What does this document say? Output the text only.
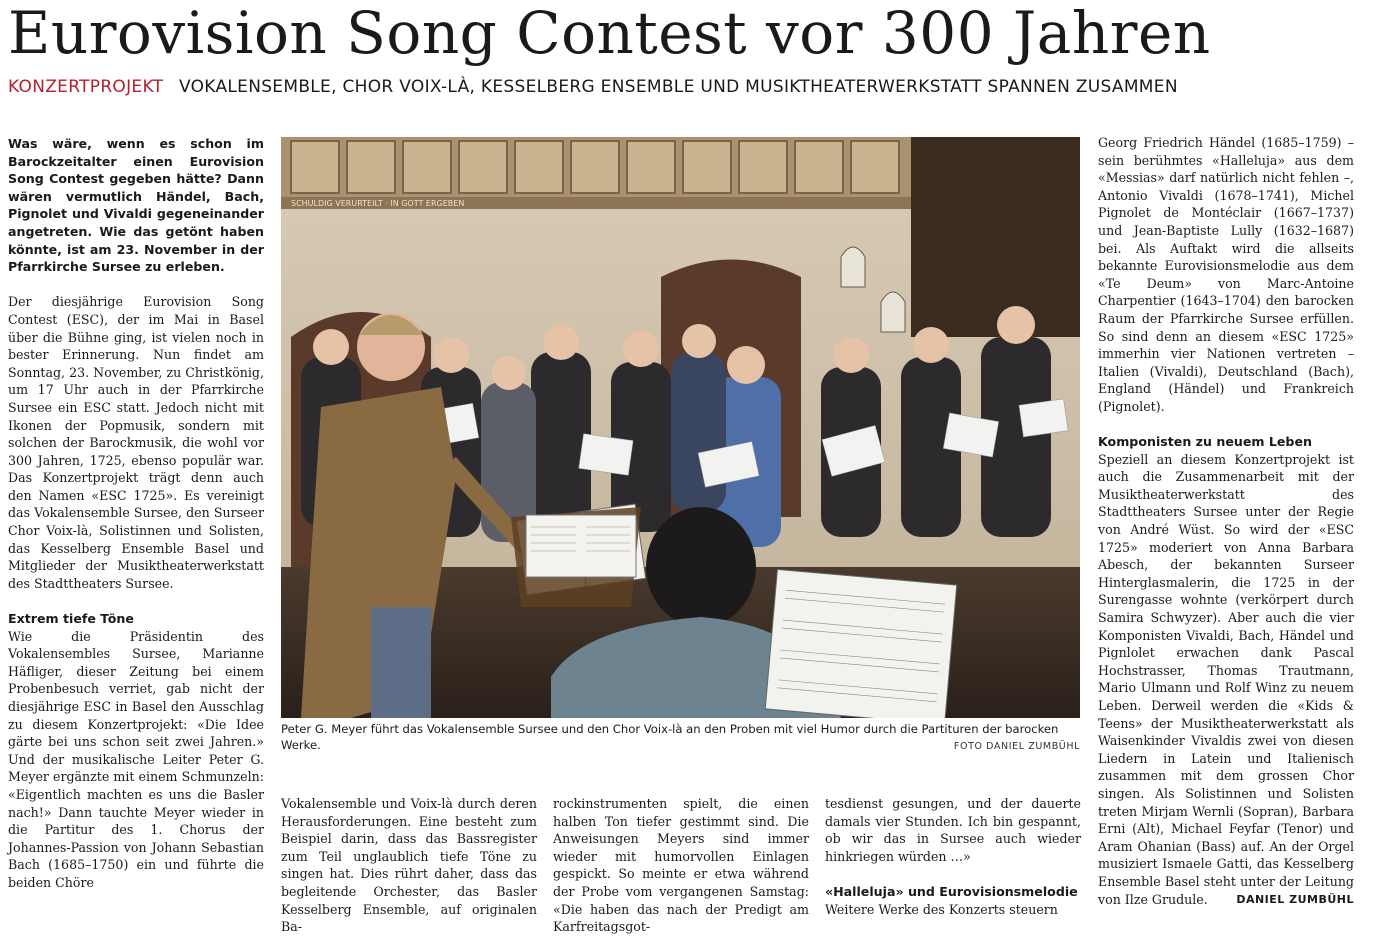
Eurovision Song Contest vor 300 Jahren
KONZERTPROJEKT VOKALENSEMBLE, CHOR VOIX-LÀ, KESSELBERG ENSEMBLE UND MUSIKTHEATERWERKSTATT SPANNEN ZUSAMMEN

Was wäre, wenn es schon im Barockzeitalter einen Eurovision Song Contest gegeben hätte? Dann wären vermutlich Händel, Bach, Pignolet und Vivaldi gegeneinander angetreten. Wie das getönt haben könnte, ist am 23. November in der Pfarrkirche Sursee zu erleben.

Der diesjährige Eurovision Song Contest (ESC), der im Mai in Basel über die Bühne ging, ist vielen noch in bester Erinnerung. Nun findet am Sonntag, 23. November, zu Christkönig, um 17 Uhr auch in der Pfarrkirche Sursee ein ESC statt. Jedoch nicht mit Ikonen der Popmusik, sondern mit solchen der Barockmusik, die wohl vor 300 Jahren, 1725, ebenso populär war. Das Konzertprojekt trägt denn auch den Namen «ESC 1725». Es vereinigt das Vokalensemble Sursee, den Surseer Chor Voix-là, Solistinnen und Solisten, das Kesselberg Ensemble Basel und Mitglieder der Musiktheaterwerkstatt des Stadttheaters Sursee.

Extrem tiefe Töne

Wie die Präsidentin des Vokalensembles Sursee, Marianne Häfliger, dieser Zeitung bei einem Probenbesuch verriet, gab nicht der diesjährige ESC in Basel den Ausschlag zu diesem Konzertprojekt: «Die Idee gärte bei uns schon seit zwei Jahren.» Und der musikalische Leiter Peter G. Meyer ergänzte mit einem Schmunzeln: «Eigentlich machten es uns die Basler nach!» Dann tauchte Meyer wieder in die Partitur des 1. Chorus der Johannes-Passion von Johann Sebastian Bach (1685–1750) ein und führte die beiden Chöre

SCHULDIG VERURTEILT · IN GOTT ERGEBEN
Peter G. Meyer führt das Vokalensemble Sursee und den Chor Voix-là an den Proben mit viel Humor durch die Partituren der barocken Werke.	FOTO DANIEL ZUMBÜHL

Vokalensemble und Voix-là durch deren Herausforderungen. Eine besteht zum Beispiel darin, dass das Bassregister zum Teil unglaublich tiefe Töne zu singen hat. Dies rührt daher, dass das begleitende Orchester, das Basler Kesselberg Ensemble, auf originalen Ba-

rockinstrumenten spielt, die einen halben Ton tiefer gestimmt sind. Die Anweisungen Meyers sind immer wieder mit humorvollen Einlagen gespickt. So meinte er etwa während der Probe vom vergangenen Samstag: «Die haben das nach der Predigt am Karfreitagsgot-

tesdienst gesungen, und der dauerte damals vier Stunden. Ich bin gespannt, ob wir das in Sursee auch wieder hinkriegen würden …»

«Halleluja» und Eurovisionsmelodie

Weitere Werke des Konzerts steuern

Georg Friedrich Händel (1685–1759) – sein berühmtes «Halleluja» aus dem «Messias» darf natürlich nicht fehlen –, Antonio Vivaldi (1678–1741), Michel Pignolet de Montéclair (1667–1737) und Jean-Baptiste Lully (1632–1687) bei. Als Auftakt wird die allseits bekannte Eurovisionsmelodie aus dem «Te Deum» von Marc-Antoine Charpentier (1643–1704) den barocken Raum der Pfarrkirche Sursee erfüllen. So sind denn an diesem «ESC 1725» immerhin vier Nationen vertreten – Italien (Vivaldi), Deutschland (Bach), England (Händel) und Frankreich (Pignolet).

Komponisten zu neuem Leben

Speziell an diesem Konzertprojekt ist auch die Zusammenarbeit mit der Musiktheaterwerkstatt des Stadttheaters Sursee unter der Regie von André Wüst. So wird der «ESC 1725» moderiert von Anna Barbara Abesch, der bekannten Surseer Hinterglasmalerin, die 1725 in der Surengasse wohnte (verkörpert durch Samira Schwyzer). Aber auch die vier Komponisten Vivaldi, Bach, Händel und Pignlolet erwachen dank Pascal Hochstrasser, Thomas Trautmann, Mario Ulmann und Rolf Winz zu neuem Leben. Derweil werden die «Kids & Teens» der Musiktheaterwerkstatt als Waisenkinder Vivaldis zwei von diesen Liedern in Latein und Italienisch zusammen mit dem grossen Chor singen. Als Solistinnen und Solisten treten Mirjam Wernli (Sopran), Barbara Erni (Alt), Michael Feyfar (Tenor) und Aram Ohanian (Bass) auf. An der Orgel musiziert Ismaele Gatti, das Kesselberg Ensemble Basel steht unter der Leitung von Ilze Grudule.	DANIEL ZUMBÜHL
